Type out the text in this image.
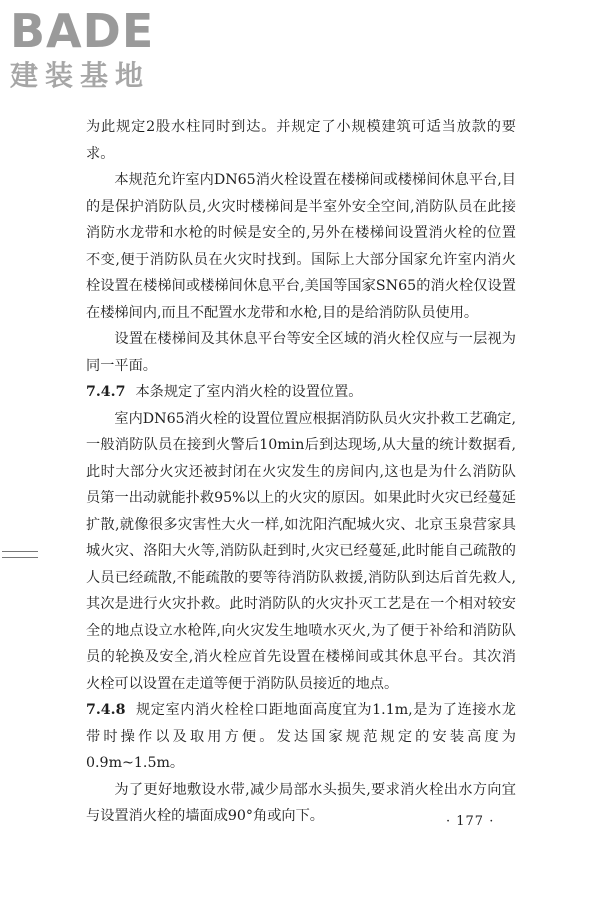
BADE
建装基地

为此规定2股水柱同时到达。并规定了小规模建筑可适当放款的要求。

本规范允许室内DN65消火栓设置在楼梯间或楼梯间休息平台,目的是保护消防队员,火灾时楼梯间是半室外安全空间,消防队员在此接消防水龙带和水枪的时候是安全的,另外在楼梯间设置消火栓的位置不变,便于消防队员在火灾时找到。国际上大部分国家允许室内消火栓设置在楼梯间或楼梯间休息平台,美国等国家SN65的消火栓仅设置在楼梯间内,而且不配置水龙带和水枪,目的是给消防队员使用。

设置在楼梯间及其休息平台等安全区域的消火栓仅应与一层视为同一平面。

7.4.7 本条规定了室内消火栓的设置位置。

室内DN65消火栓的设置位置应根据消防队员火灾扑救工艺确定,一般消防队员在接到火警后10min后到达现场,从大量的统计数据看,此时大部分火灾还被封闭在火灾发生的房间内,这也是为什么消防队员第一出动就能扑救95%以上的火灾的原因。如果此时火灾已经蔓延扩散,就像很多灾害性大火一样,如沈阳汽配城火灾、北京玉泉营家具城火灾、洛阳大火等,消防队赶到时,火灾已经蔓延,此时能自己疏散的人员已经疏散,不能疏散的要等待消防队救援,消防队到达后首先救人,其次是进行火灾扑救。此时消防队的火灾扑灭工艺是在一个相对较安全的地点设立水枪阵,向火灾发生地喷水灭火,为了便于补给和消防队员的轮换及安全,消火栓应首先设置在楼梯间或其休息平台。其次消火栓可以设置在走道等便于消防队员接近的地点。

7.4.8 规定室内消火栓栓口距地面高度宜为1.1m,是为了连接水龙带时操作以及取用方便。发达国家规范规定的安装高度为0.9m~1.5m。

为了更好地敷设水带,减少局部水头损失,要求消火栓出水方向宜与设置消火栓的墙面成90°角或向下。	· 177 ·
